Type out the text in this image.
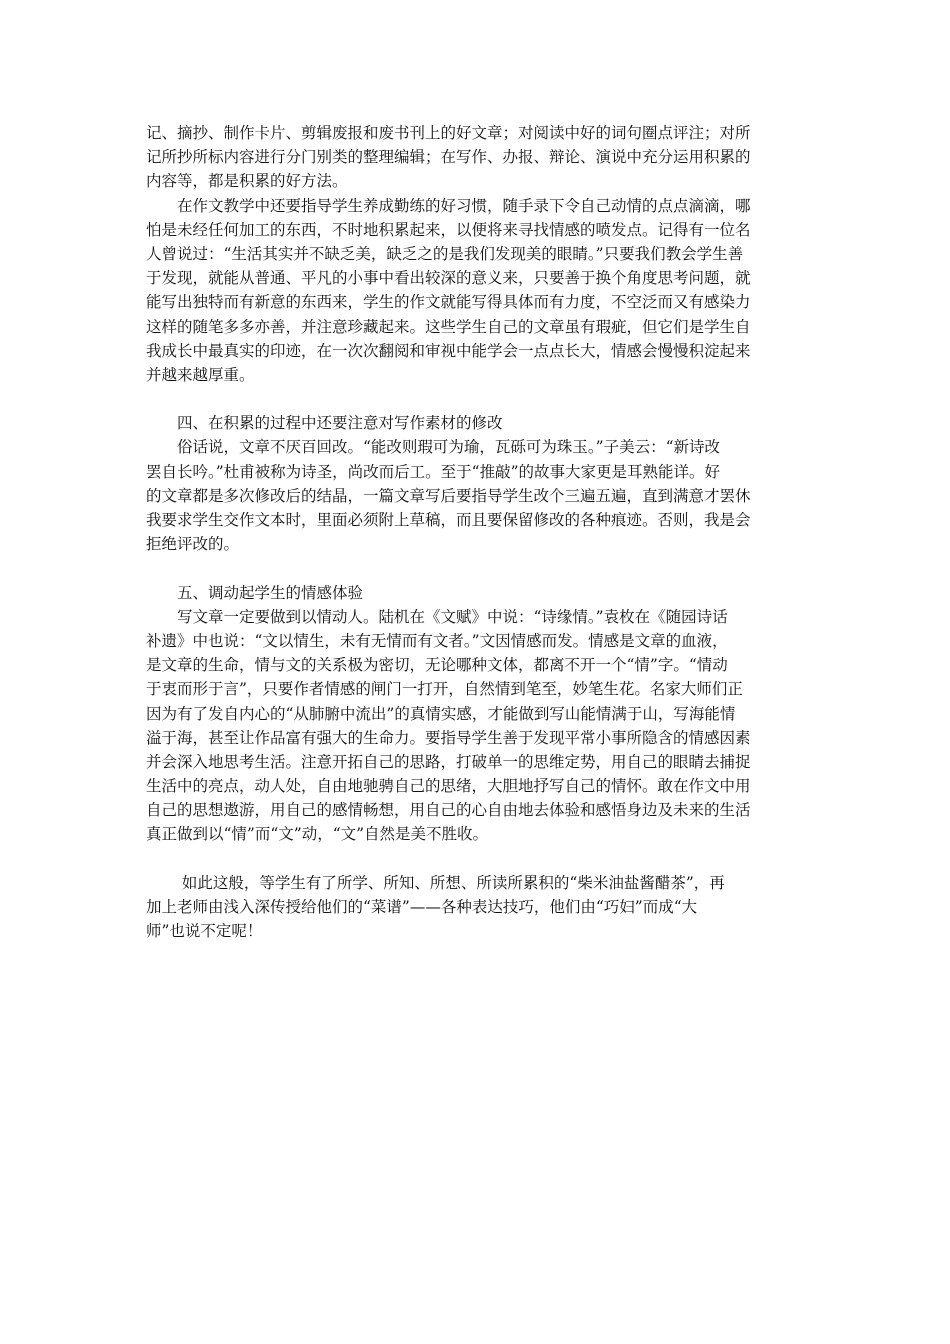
记、摘抄、制作卡片、剪辑废报和废书刊上的好文章；对阅读中好的词句圈点评注；对所
记所抄所标内容进行分门别类的整理编辑；在写作、办报、辩论、演说中充分运用积累的
内容等，都是积累的好方法。
　　在作文教学中还要指导学生养成勤练的好习惯，随手录下令自己动情的点点滴滴，哪
怕是未经任何加工的东西，不时地积累起来，以便将来寻找情感的喷发点。记得有一位名
人曾说过：“生活其实并不缺乏美，缺乏之的是我们发现美的眼睛。”只要我们教会学生善
于发现，就能从普通、平凡的小事中看出较深的意义来，只要善于换个角度思考问题，就
能写出独特而有新意的东西来，学生的作文就能写得具体而有力度，不空泛而又有感染力
这样的随笔多多亦善，并注意珍藏起来。这些学生自己的文章虽有瑕疵，但它们是学生自
我成长中最真实的印迹，在一次次翻阅和审视中能学会一点点长大，情感会慢慢积淀起来
并越来越厚重。
　　四、在积累的过程中还要注意对写作素材的修改
　　俗话说，文章不厌百回改。“能改则瑕可为瑜，瓦砾可为珠玉。”子美云：“新诗改
罢自长吟。”杜甫被称为诗圣，尚改而后工。至于“推敲”的故事大家更是耳熟能详。好
的文章都是多次修改后的结晶，一篇文章写后要指导学生改个三遍五遍，直到满意才罢休
我要求学生交作文本时，里面必须附上草稿，而且要保留修改的各种痕迹。否则，我是会
拒绝评改的。
　　五、调动起学生的情感体验
　　写文章一定要做到以情动人。陆机在《文赋》中说：“诗缘情。”袁枚在《随园诗话
补遗》中也说：“文以情生，未有无情而有文者。”文因情感而发。情感是文章的血液，
是文章的生命，情与文的关系极为密切，无论哪种文体，都离不开一个“情”字。“情动
于衷而形于言”，只要作者情感的闸门一打开，自然情到笔至，妙笔生花。名家大师们正
因为有了发自内心的“从肺腑中流出”的真情实感，才能做到写山能情满于山，写海能情
溢于海，甚至让作品富有强大的生命力。要指导学生善于发现平常小事所隐含的情感因素
并会深入地思考生活。注意开拓自己的思路，打破单一的思维定势，用自己的眼睛去捕捉
生活中的亮点，动人处，自由地驰骋自己的思绪，大胆地抒写自己的情怀。敢在作文中用
自己的思想遨游，用自己的感情畅想，用自己的心自由地去体验和感悟身边及未来的生活
真正做到以“情”而“文”动，“文”自然是美不胜收。
　　 如此这般，等学生有了所学、所知、所想、所读所累积的“柴米油盐酱醋茶”，再
加上老师由浅入深传授给他们的“菜谱”——各种表达技巧，他们由“巧妇”而成“大
师”也说不定呢！
